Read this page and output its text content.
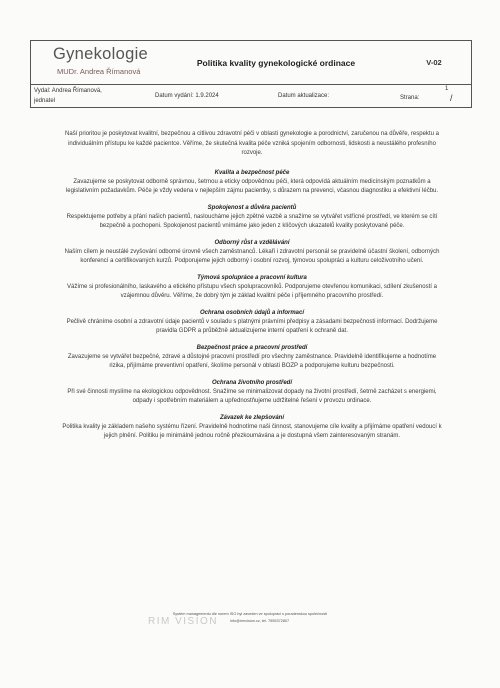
Gynekologie
MUDr. Andrea Římanová
Politika kvality gynekologické ordinace	V-02
Vydal: Andrea Římanová,
jednatel
Datum vydání: 1.9.2024	Datum aktualizace:	Strana:
1
/

Naší prioritou je poskytovat kvalitní, bezpečnou a citlivou zdravotní péči v oblasti gynekologie a porodnictví, zaručenou na důvěře, respektu a individuálním přístupu ke každé pacientce. Věříme, že skutečná kvalita péče vzniká spojením odbornosti, lidskosti a neustálého profesního rozvoje.

Kvalita a bezpečnost péče

Zavazujeme se poskytovat odborně správnou, šetrnou a eticky odpovědnou péči, která odpovídá aktuálním medicínským poznatkům a legislativním požadavkům. Péče je vždy vedena v nejlepším zájmu pacientky, s důrazem na prevenci, včasnou diagnostiku a efektivní léčbu.

Spokojenost a důvěra pacientů

Respektujeme potřeby a přání našich pacientů, nasloucháme jejich zpětné vazbě a snažíme se vytvářet vstřícné prostředí, ve kterém se cítí bezpečně a pochopeni. Spokojenost pacientů vnímáme jako jeden z klíčových ukazatelů kvality poskytované péče.

Odborný růst a vzdělávání

Naším cílem je neustálé zvyšování odborné úrovně všech zaměstnanců. Lékaři i zdravotní personál se pravidelně účastní školení, odborných konferencí a certifikovaných kurzů. Podporujeme jejich odborný i osobní rozvoj, týmovou spolupráci a kulturu celoživotního učení.

Týmová spolupráce a pracovní kultura

Vážíme si profesionálního, laskavého a etického přístupu všech spolupracovníků. Podporujeme otevřenou komunikaci, sdílení zkušeností a vzájemnou důvěru. Věříme, že dobrý tým je základ kvalitní péče i příjemného pracovního prostředí.

Ochrana osobních údajů a informací

Pečlivě chráníme osobní a zdravotní údaje pacientů v souladu s platnými právními předpisy a zásadami bezpečnosti informací. Dodržujeme pravidla GDPR a průběžně aktualizujeme interní opatření k ochraně dat.

Bezpečnost práce a pracovní prostředí

Zavazujeme se vytvářet bezpečné, zdravé a důstojné pracovní prostředí pro všechny zaměstnance. Pravidelně identifikujeme a hodnotíme rizika, přijímáme preventivní opatření, školíme personál v oblasti BOZP a podporujeme kulturu bezpečnosti.

Ochrana životního prostředí

Při své činnosti myslíme na ekologickou odpovědnost. Snažíme se minimalizovat dopady na životní prostředí, šetrně zacházet s energiemi, odpady i spotřebním materiálem a upřednostňujeme udržitelné řešení v provozu ordinace.

Závazek ke zlepšování

Politika kvality je základem našeho systému řízení. Pravidelně hodnotíme naši činnost, stanovujeme cíle kvality a přijímáme opatření vedoucí k jejich plnění. Politiku je minimálně jednou ročně přezkoumávána a je dostupná všem zainteresovaným stranám.

Systém managementu dle norem ISO byl zaveden ve spolupráci s poradenskou společností
RIM VISION	info@rimvision.cz, tel. 7555372807
